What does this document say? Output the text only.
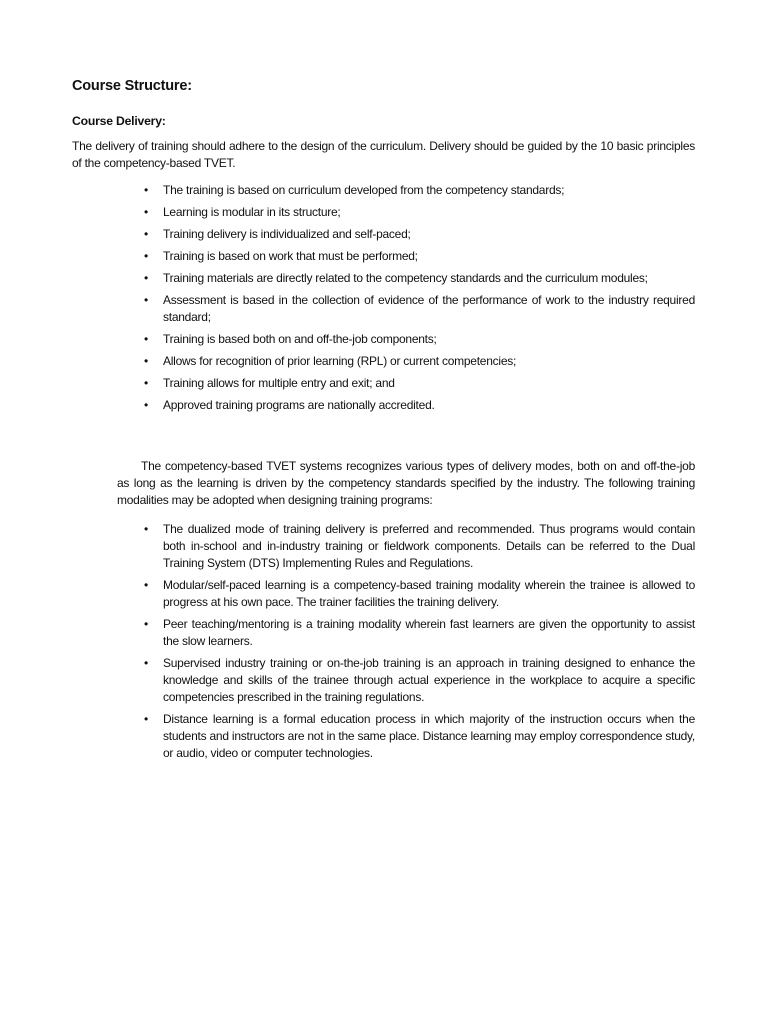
Course Structure:
Course Delivery:

The delivery of training should adhere to the design of the curriculum. Delivery should be guided by the 10 basic principles of the competency-based TVET.

• The training is based on curriculum developed from the competency standards;
• Learning is modular in its structure;
• Training delivery is individualized and self-paced;
• Training is based on work that must be performed;
• Training materials are directly related to the competency standards and the curriculum modules;
• Assessment is based in the collection of evidence of the performance of work to the industry required standard;
• Training is based both on and off-the-job components;
• Allows for recognition of prior learning (RPL) or current competencies;
• Training allows for multiple entry and exit; and
• Approved training programs are nationally accredited.

The competency-based TVET systems recognizes various types of delivery modes, both on and off-the-job as long as the learning is driven by the competency standards specified by the industry. The following training modalities may be adopted when designing training programs:

• The dualized mode of training delivery is preferred and recommended. Thus programs would contain both in-school and in-industry training or fieldwork components. Details can be referred to the Dual Training System (DTS) Implementing Rules and Regulations.
• Modular/self-paced learning is a competency-based training modality wherein the trainee is allowed to progress at his own pace. The trainer facilities the training delivery.
• Peer teaching/mentoring is a training modality wherein fast learners are given the opportunity to assist the slow learners.
• Supervised industry training or on-the-job training is an approach in training designed to enhance the knowledge and skills of the trainee through actual experience in the workplace to acquire a specific competencies prescribed in the training regulations.
• Distance learning is a formal education process in which majority of the instruction occurs when the students and instructors are not in the same place. Distance learning may employ correspondence study, or audio, video or computer technologies.
